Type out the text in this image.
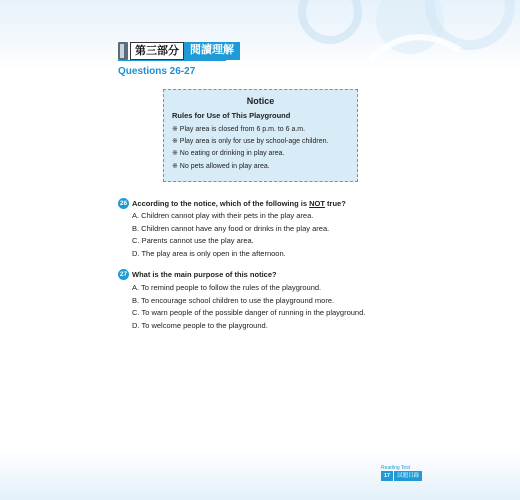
第三部分	閱讀理解
Questions 26-27
Notice
Rules for Use of This Playground
※ Play area is closed from 6 p.m. to 6 a.m.
※ Play area is only for use by school-age children.
※ No eating or drinking in play area.
※ No pets allowed in play area.
26 According to the notice, which of the following is NOT true?
A. Children cannot play with their pets in the play area.
B. Children cannot have any food or drinks in the play area.
C. Parents cannot use the play area.
D. The play area is only open in the afternoon.
27 What is the main purpose of this notice?
A. To remind people to follow the rules of the playground.
B. To encourage school children to use the playground more.
C. To warn people of the possible danger of running in the playground.
D. To welcome people to the playground.
Reading Test
17	試題目錄
